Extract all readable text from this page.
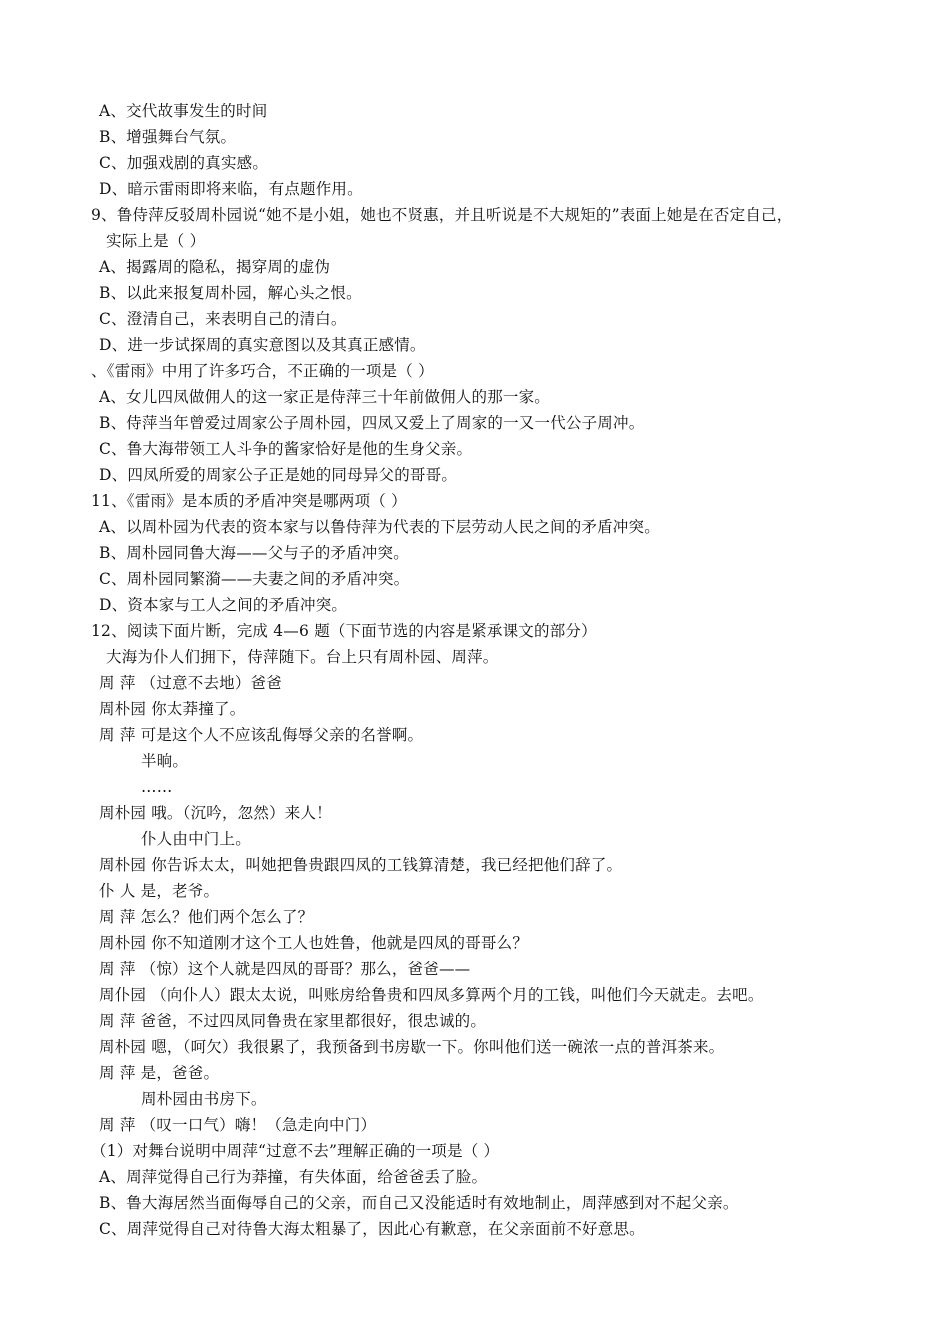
A、交代故事发生的时间
B、增强舞台气氛。
C、加强戏剧的真实感。
D、暗示雷雨即将来临，有点题作用。
9、鲁侍萍反驳周朴园说“她不是小姐，她也不贤惠，并且听说是不大规矩的”表面上她是在否定自己，
实际上是（ ）
A、揭露周的隐私，揭穿周的虚伪
B、以此来报复周朴园，解心头之恨。
C、澄清自己，来表明自己的清白。
D、进一步试探周的真实意图以及其真正感情。
、《雷雨》中用了许多巧合，不正确的一项是（ ）
A、女儿四凤做佣人的这一家正是侍萍三十年前做佣人的那一家。
B、侍萍当年曾爱过周家公子周朴园，四凤又爱上了周家的一又一代公子周冲。
C、鲁大海带领工人斗争的酱家恰好是他的生身父亲。
D、四凤所爱的周家公子正是她的同母异父的哥哥。
11、《雷雨》是本质的矛盾冲突是哪两项（ ）
A、以周朴园为代表的资本家与以鲁侍萍为代表的下层劳动人民之间的矛盾冲突。
B、周朴园同鲁大海——父与子的矛盾冲突。
C、周朴园同繁漪——夫妻之间的矛盾冲突。
D、资本家与工人之间的矛盾冲突。
12、阅读下面片断，完成 4—6 题（下面节选的内容是紧承课文的部分）
大海为仆人们拥下，侍萍随下。台上只有周朴园、周萍。
周 萍 （过意不去地）爸爸
周朴园 你太莽撞了。
周 萍 可是这个人不应该乱侮辱父亲的名誉啊。
半晌。
……
周朴园 哦。（沉吟，忽然）来人！
仆人由中门上。
周朴园 你告诉太太，叫她把鲁贵跟四凤的工钱算清楚，我已经把他们辞了。
仆 人 是，老爷。
周 萍 怎么？他们两个怎么了？
周朴园 你不知道刚才这个工人也姓鲁，他就是四凤的哥哥么？
周 萍 （惊）这个人就是四凤的哥哥？那么，爸爸——
周仆园 （向仆人）跟太太说，叫账房给鲁贵和四凤多算两个月的工钱，叫他们今天就走。去吧。
周 萍 爸爸，不过四凤同鲁贵在家里都很好，很忠诚的。
周朴园 嗯，（呵欠）我很累了，我预备到书房歇一下。你叫他们送一碗浓一点的普洱茶来。
周 萍 是，爸爸。
周朴园由书房下。
周 萍 （叹一口气）嗨！（急走向中门）
（1）对舞台说明中周萍“过意不去”理解正确的一项是（ ）
A、周萍觉得自己行为莽撞，有失体面，给爸爸丢了脸。
B、鲁大海居然当面侮辱自己的父亲，而自己又没能适时有效地制止，周萍感到对不起父亲。
C、周萍觉得自己对待鲁大海太粗暴了，因此心有歉意，在父亲面前不好意思。
